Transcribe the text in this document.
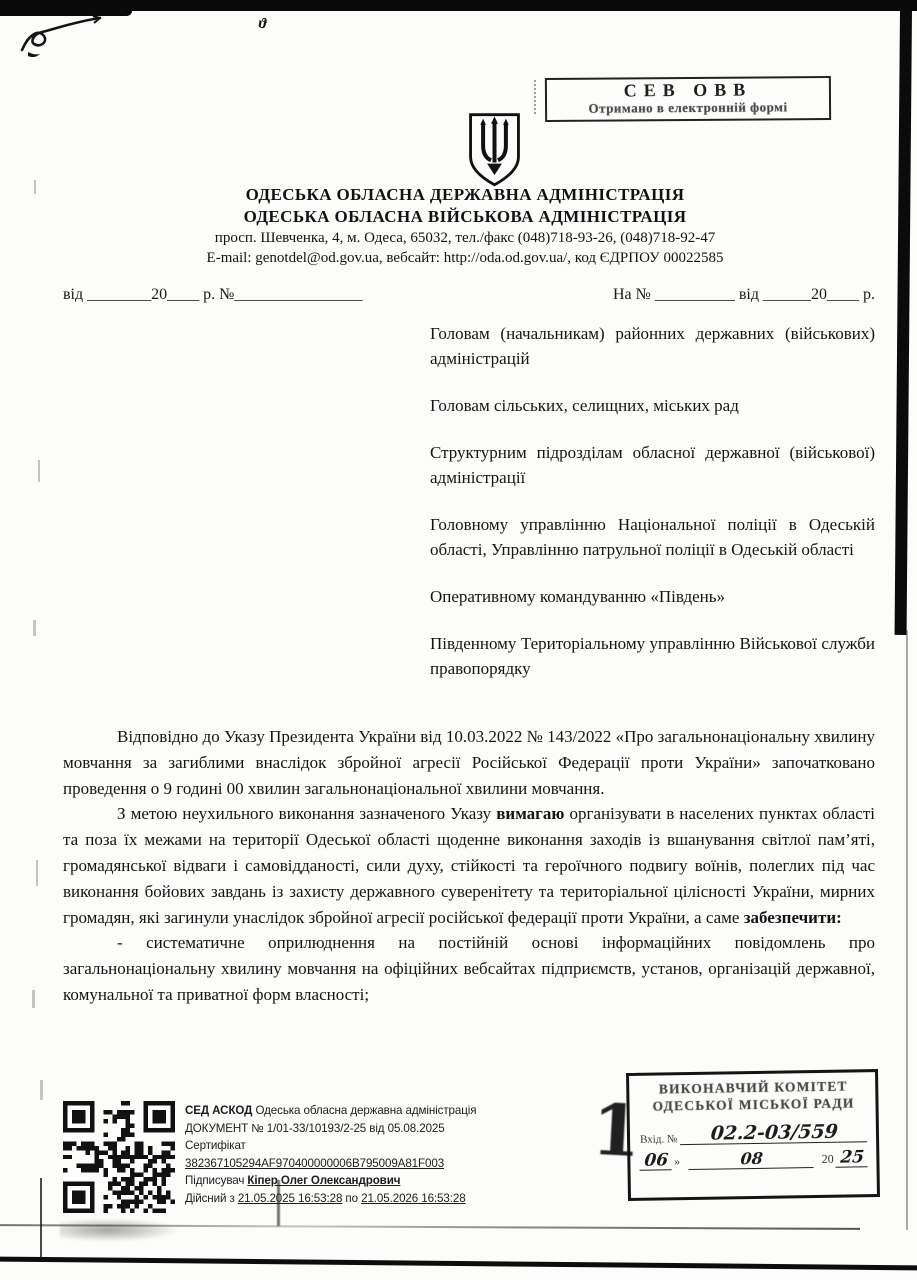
ϑ
СЕВ ОВВ
Отримано в електронній формі
ОДЕСЬКА ОБЛАСНА ДЕРЖАВНА АДМІНІСТРАЦІЯ
ОДЕСЬКА ОБЛАСНА ВІЙСЬКОВА АДМІНІСТРАЦІЯ
просп. Шевченка, 4, м. Одеса, 65032, тел./факс (048)718-93-26, (048)718-92-47
E-mail: genotdel@od.gov.ua, вебсайт: http://oda.od.gov.ua/, код ЄДРПОУ 00022585
від ________20____ р. №________________	На № __________ від ______20____ р.
Головам (начальникам) районних державних (військових) адміністрацій
Головам сільських, селищних, міських рад
Структурним підрозділам обласної державної (військової) адміністрації
Головному управлінню Національної поліції в Одеській області, Управлінню патрульної поліції в Одеській області
Оперативному командуванню «Південь»
Південному Територіальному управлінню Військової служби правопорядку

Відповідно до Указу Президента України від 10.03.2022 № 143/2022 «Про загальнонаціональну хвилину мовчання за загиблими внаслідок збройної агресії Російської Федерації проти України» започатковано проведення о 9 годині 00 хвилин загальнонаціональної хвилини мовчання.

З метою неухильного виконання зазначеного Указу вимагаю організувати в населених пунктах області та поза їх межами на території Одеської області щоденне виконання заходів із вшанування світлої пам’яті, громадянської відваги і самовідданості, сили духу, стійкості та героїчного подвигу воїнів, полеглих під час виконання бойових завдань із захисту державного суверенітету та територіальної цілісності України, мирних громадян, які загинули унаслідок збройної агресії російської федерації проти України, а саме забезпечити:

- систематичне оприлюднення на постійній основі інформаційних повідомлень про загальнонаціональну хвилину мовчання на офіційних вебсайтах підприємств, установ, організацій державної, комунальної та приватної форм власності;

СЕД АСКОД Одеська обласна державна адміністрація
ДОКУМЕНТ № 1/01-33/10193/2-25 від 05.08.2025
Сертифікат 382367105294AF970400000006B795009A81F003
Підписувач Кіпер Олег Олександрович
Дійсний з 21.05.2025 16:53:28 по 21.05.2026 16:53:28
1
ВИКОНАВЧИЙ КОМІТЕТ
ОДЕСЬКОЇ МІСЬКОЇ РАДИ
Вхід. №	02.2-03/559
06 »	08	20 25
